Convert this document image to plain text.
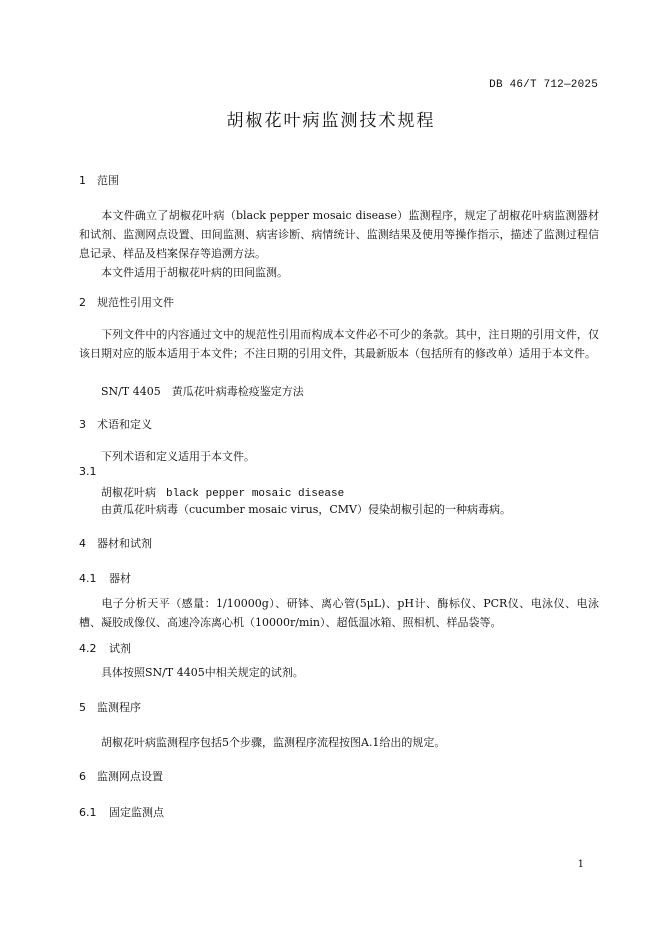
DB 46/T 712—2025
胡椒花叶病监测技术规程
1 范围
本文件确立了胡椒花叶病（black pepper mosaic disease）监测程序，规定了胡椒花叶病监测器材和试剂、监测网点设置、田间监测、病害诊断、病情统计、监测结果及使用等操作指示，描述了监测过程信息记录、样品及档案保存等追溯方法。
本文件适用于胡椒花叶病的田间监测。
2 规范性引用文件
下列文件中的内容通过文中的规范性引用而构成本文件必不可少的条款。其中，注日期的引用文件，仅该日期对应的版本适用于本文件；不注日期的引用文件，其最新版本（包括所有的修改单）适用于本文件。
SN/T 4405　黄瓜花叶病毒检疫鉴定方法
3 术语和定义
下列术语和定义适用于本文件。
3.1
胡椒花叶病 black pepper mosaic disease
由黄瓜花叶病毒（cucumber mosaic virus，CMV）侵染胡椒引起的一种病毒病。
4 器材和试剂
4.1 器材
电子分析天平（感量：1/10000g）、研钵、离心管(5μL)、pH计、酶标仪、PCR仪、电泳仪、电泳槽、凝胶成像仪、高速冷冻离心机（10000r/min）、超低温冰箱、照相机、样品袋等。
4.2 试剂
具体按照SN/T 4405中相关规定的试剂。
5 监测程序
胡椒花叶病监测程序包括5个步骤，监测程序流程按图A.1给出的规定。
6 监测网点设置
6.1 固定监测点
1
